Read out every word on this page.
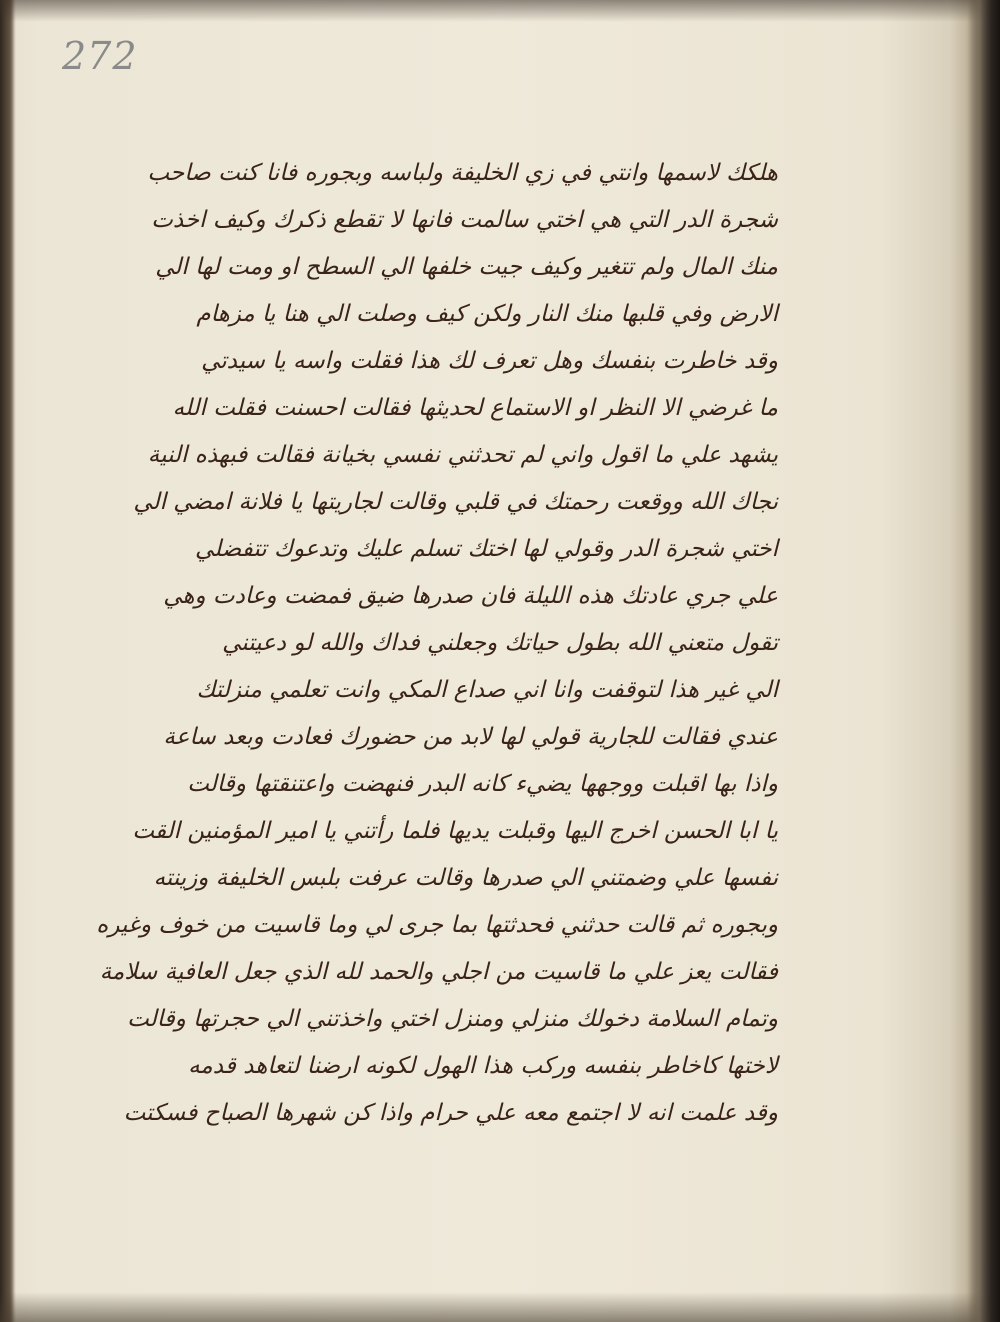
272
هلكك لاسمها وانتي في زي الخليفة ولباسه وبجوره فانا كنت صاحب
شجرة الدر التي هي اختي سالمت فانها لا تقطع ذكرك وكيف اخذت
منك المال ولم تتغير وكيف جيت خلفها الي السطح او ومت لها الي
الارض وفي قلبها منك النار ولكن كيف وصلت الي هنا يا مزهام
وقد خاطرت بنفسك وهل تعرف لك هذا فقلت واسه يا سيدتي
ما غرضي الا النظر او الاستماع لحديثها فقالت احسنت فقلت الله
يشهد علي ما اقول واني لم تحدثني نفسي بخيانة فقالت فبهذه النية
نجاك الله ووقعت رحمتك في قلبي وقالت لجاريتها يا فلانة امضي الي
اختي شجرة الدر وقولي لها اختك تسلم عليك وتدعوك تتفضلي
علي جري عادتك هذه الليلة فان صدرها ضيق فمضت وعادت وهي
تقول متعني الله بطول حياتك وجعلني فداك والله لو دعيتني
الي غير هذا لتوقفت وانا اني صداع المكي وانت تعلمي منزلتك
عندي فقالت للجارية قولي لها لابد من حضورك فعادت وبعد ساعة
واذا بها اقبلت ووجهها يضيء كانه البدر فنهضت واعتنقتها وقالت
يا ابا الحسن اخرج اليها وقبلت يديها فلما رأتني يا امير المؤمنين القت
نفسها علي وضمتني الي صدرها وقالت عرفت بلبس الخليفة وزينته
وبجوره ثم قالت حدثني فحدثتها بما جرى لي وما قاسيت من خوف وغيره
فقالت يعز علي ما قاسيت من اجلي والحمد لله الذي جعل العافية سلامة
وتمام السلامة دخولك منزلي ومنزل اختي واخذتني الي حجرتها وقالت
لاختها كاخاطر بنفسه وركب هذا الهول لكونه ارضنا لتعاهد قدمه
وقد علمت انه لا اجتمع معه علي حرام واذا كن شهرها الصباح فسكتت
